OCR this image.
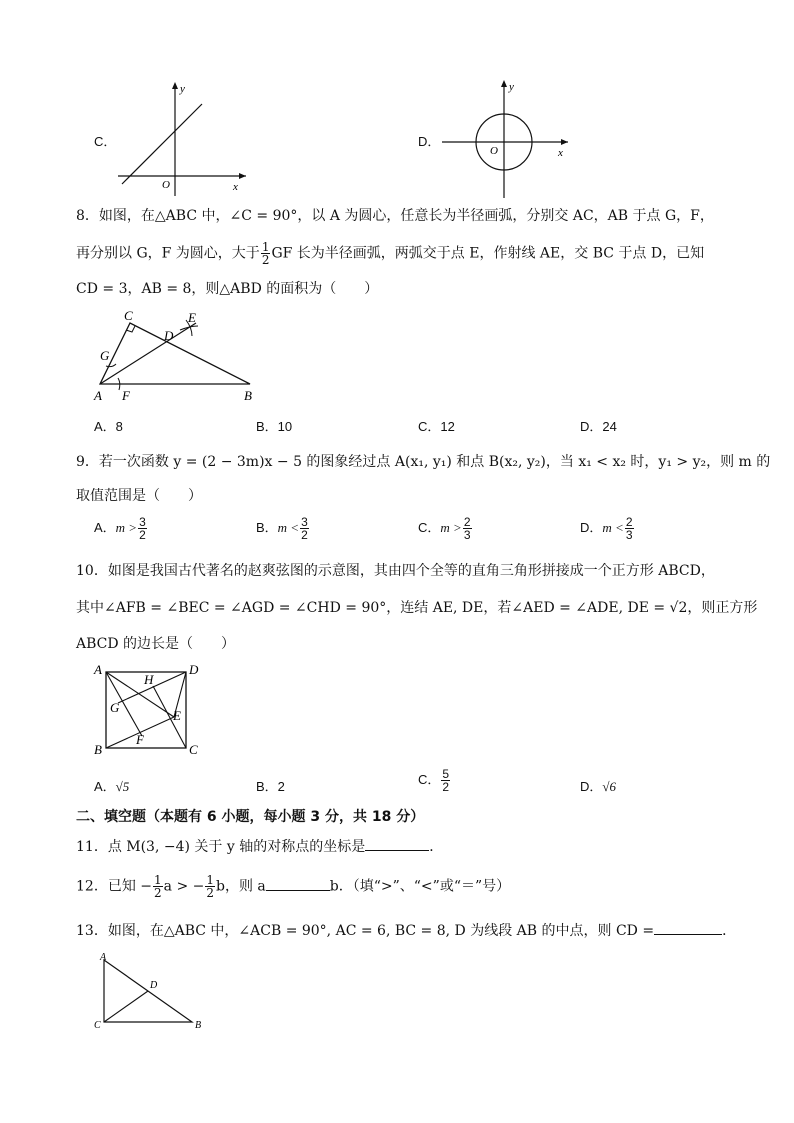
C．
x
y
O
D．
x
y
O
8．如图，在△ABC 中，∠C = 90°，以 A 为圆心，任意长为半径画弧，分别交 AC，AB 于点 G，F，
再分别以 G，F 为圆心，大于 $\frac{1}{2}$ GF 长为半径画弧，两弧交于点 E，作射线 AE，交 BC 于点 D，已知
CD = 3，AB = 8，则△ABD 的面积为（　　）
C
D
E
G
A F	B
A．8	B．10	C．12	D．24
9．若一次函数 y = (2 − 3m)x − 5 的图象经过点 A(x₁, y₁) 和点 B(x₂, y₂)，当 x₁ < x₂ 时，y₁ > y₂，则 m 的
取值范围是（　　）
A．$m > \frac{3}{2}$	B．$m < \frac{3}{2}$	C．$m > \frac{2}{3}$	D．$m < \frac{2}{3}$
10．如图是我国古代著名的赵爽弦图的示意图，其由四个全等的直角三角形拼接成一个正方形 ABCD，
其中∠AFB = ∠BEC = ∠AGD = ∠CHD = 90°，连结 AE, DE，若∠AED = ∠ADE, DE = √2，则正方形
ABCD 的边长是（　　）
A	D
H
G
E
F
B	C
A．√5	B．2	C． $\frac{5}{2}$	D．√6
二、填空题（本题有 6 小题，每小题 3 分，共 18 分）
11．点 M(3, −4) 关于 y 轴的对称点的坐标是	．
12．已知 − $\frac{1}{2}$ a > − $\frac{1}{2}$ b，则 a	b．（填“>”、“<”或“＝”号）
13．如图，在△ABC 中，∠ACB = 90°, AC = 6, BC = 8, D 为线段 AB 的中点，则 CD =	．
A
D
C	B
